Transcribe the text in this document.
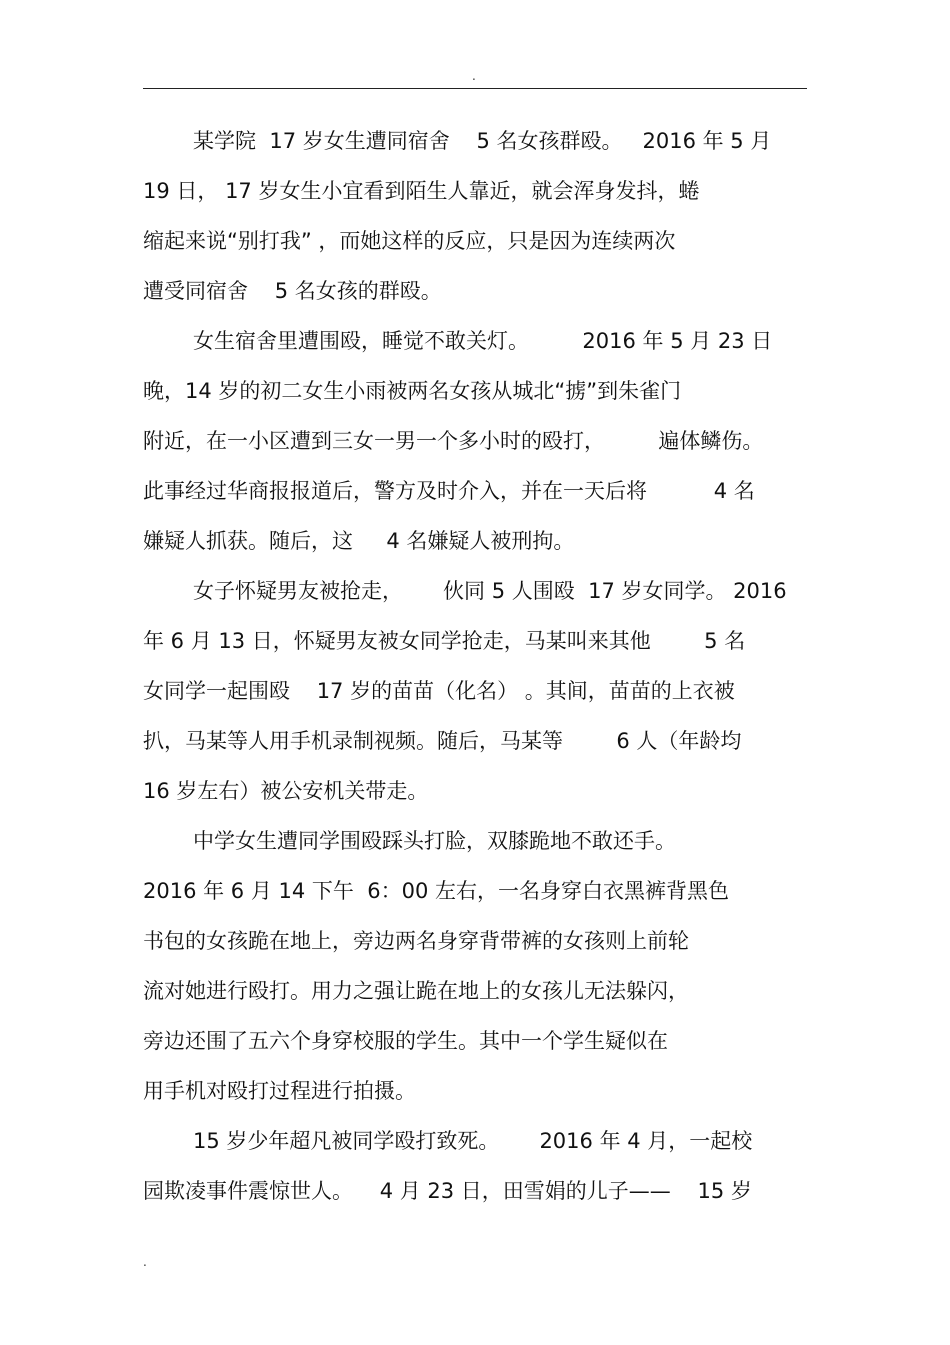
.
某学院  17 岁女生遭同宿舍    5 名女孩群殴。   2016 年 5 月
19 日， 17 岁女生小宜看到陌生人靠近，就会浑身发抖，蜷
缩起来说“别打我” ，而她这样的反应，只是因为连续两次
遭受同宿舍    5 名女孩的群殴。
女生宿舍里遭围殴，睡觉不敢关灯。        2016 年 5 月 23 日
晚，14 岁的初二女生小雨被两名女孩从城北“掳”到朱雀门
附近，在一小区遭到三女一男一个多小时的殴打，        遍体鳞伤。
此事经过华商报报道后，警方及时介入，并在一天后将          4 名
嫌疑人抓获。随后，这     4 名嫌疑人被刑拘。
女子怀疑男友被抢走，      伙同 5 人围殴  17 岁女同学。 2016
年 6 月 13 日，怀疑男友被女同学抢走，马某叫来其他        5 名
女同学一起围殴    17 岁的苗苗（化名） 。其间，苗苗的上衣被
扒，马某等人用手机录制视频。随后，马某等        6 人（年龄均
16 岁左右）被公安机关带走。
中学女生遭同学围殴踩头打脸，双膝跪地不敢还手。
2016 年 6 月 14 下午  6：00 左右，一名身穿白衣黑裤背黑色
书包的女孩跪在地上，旁边两名身穿背带裤的女孩则上前轮
流对她进行殴打。用力之强让跪在地上的女孩儿无法躲闪，
旁边还围了五六个身穿校服的学生。其中一个学生疑似在
用手机对殴打过程进行拍摄。
15 岁少年超凡被同学殴打致死。      2016 年 4 月，一起校
园欺凌事件震惊世人。    4 月 23 日，田雪娟的儿子——    15 岁
.
